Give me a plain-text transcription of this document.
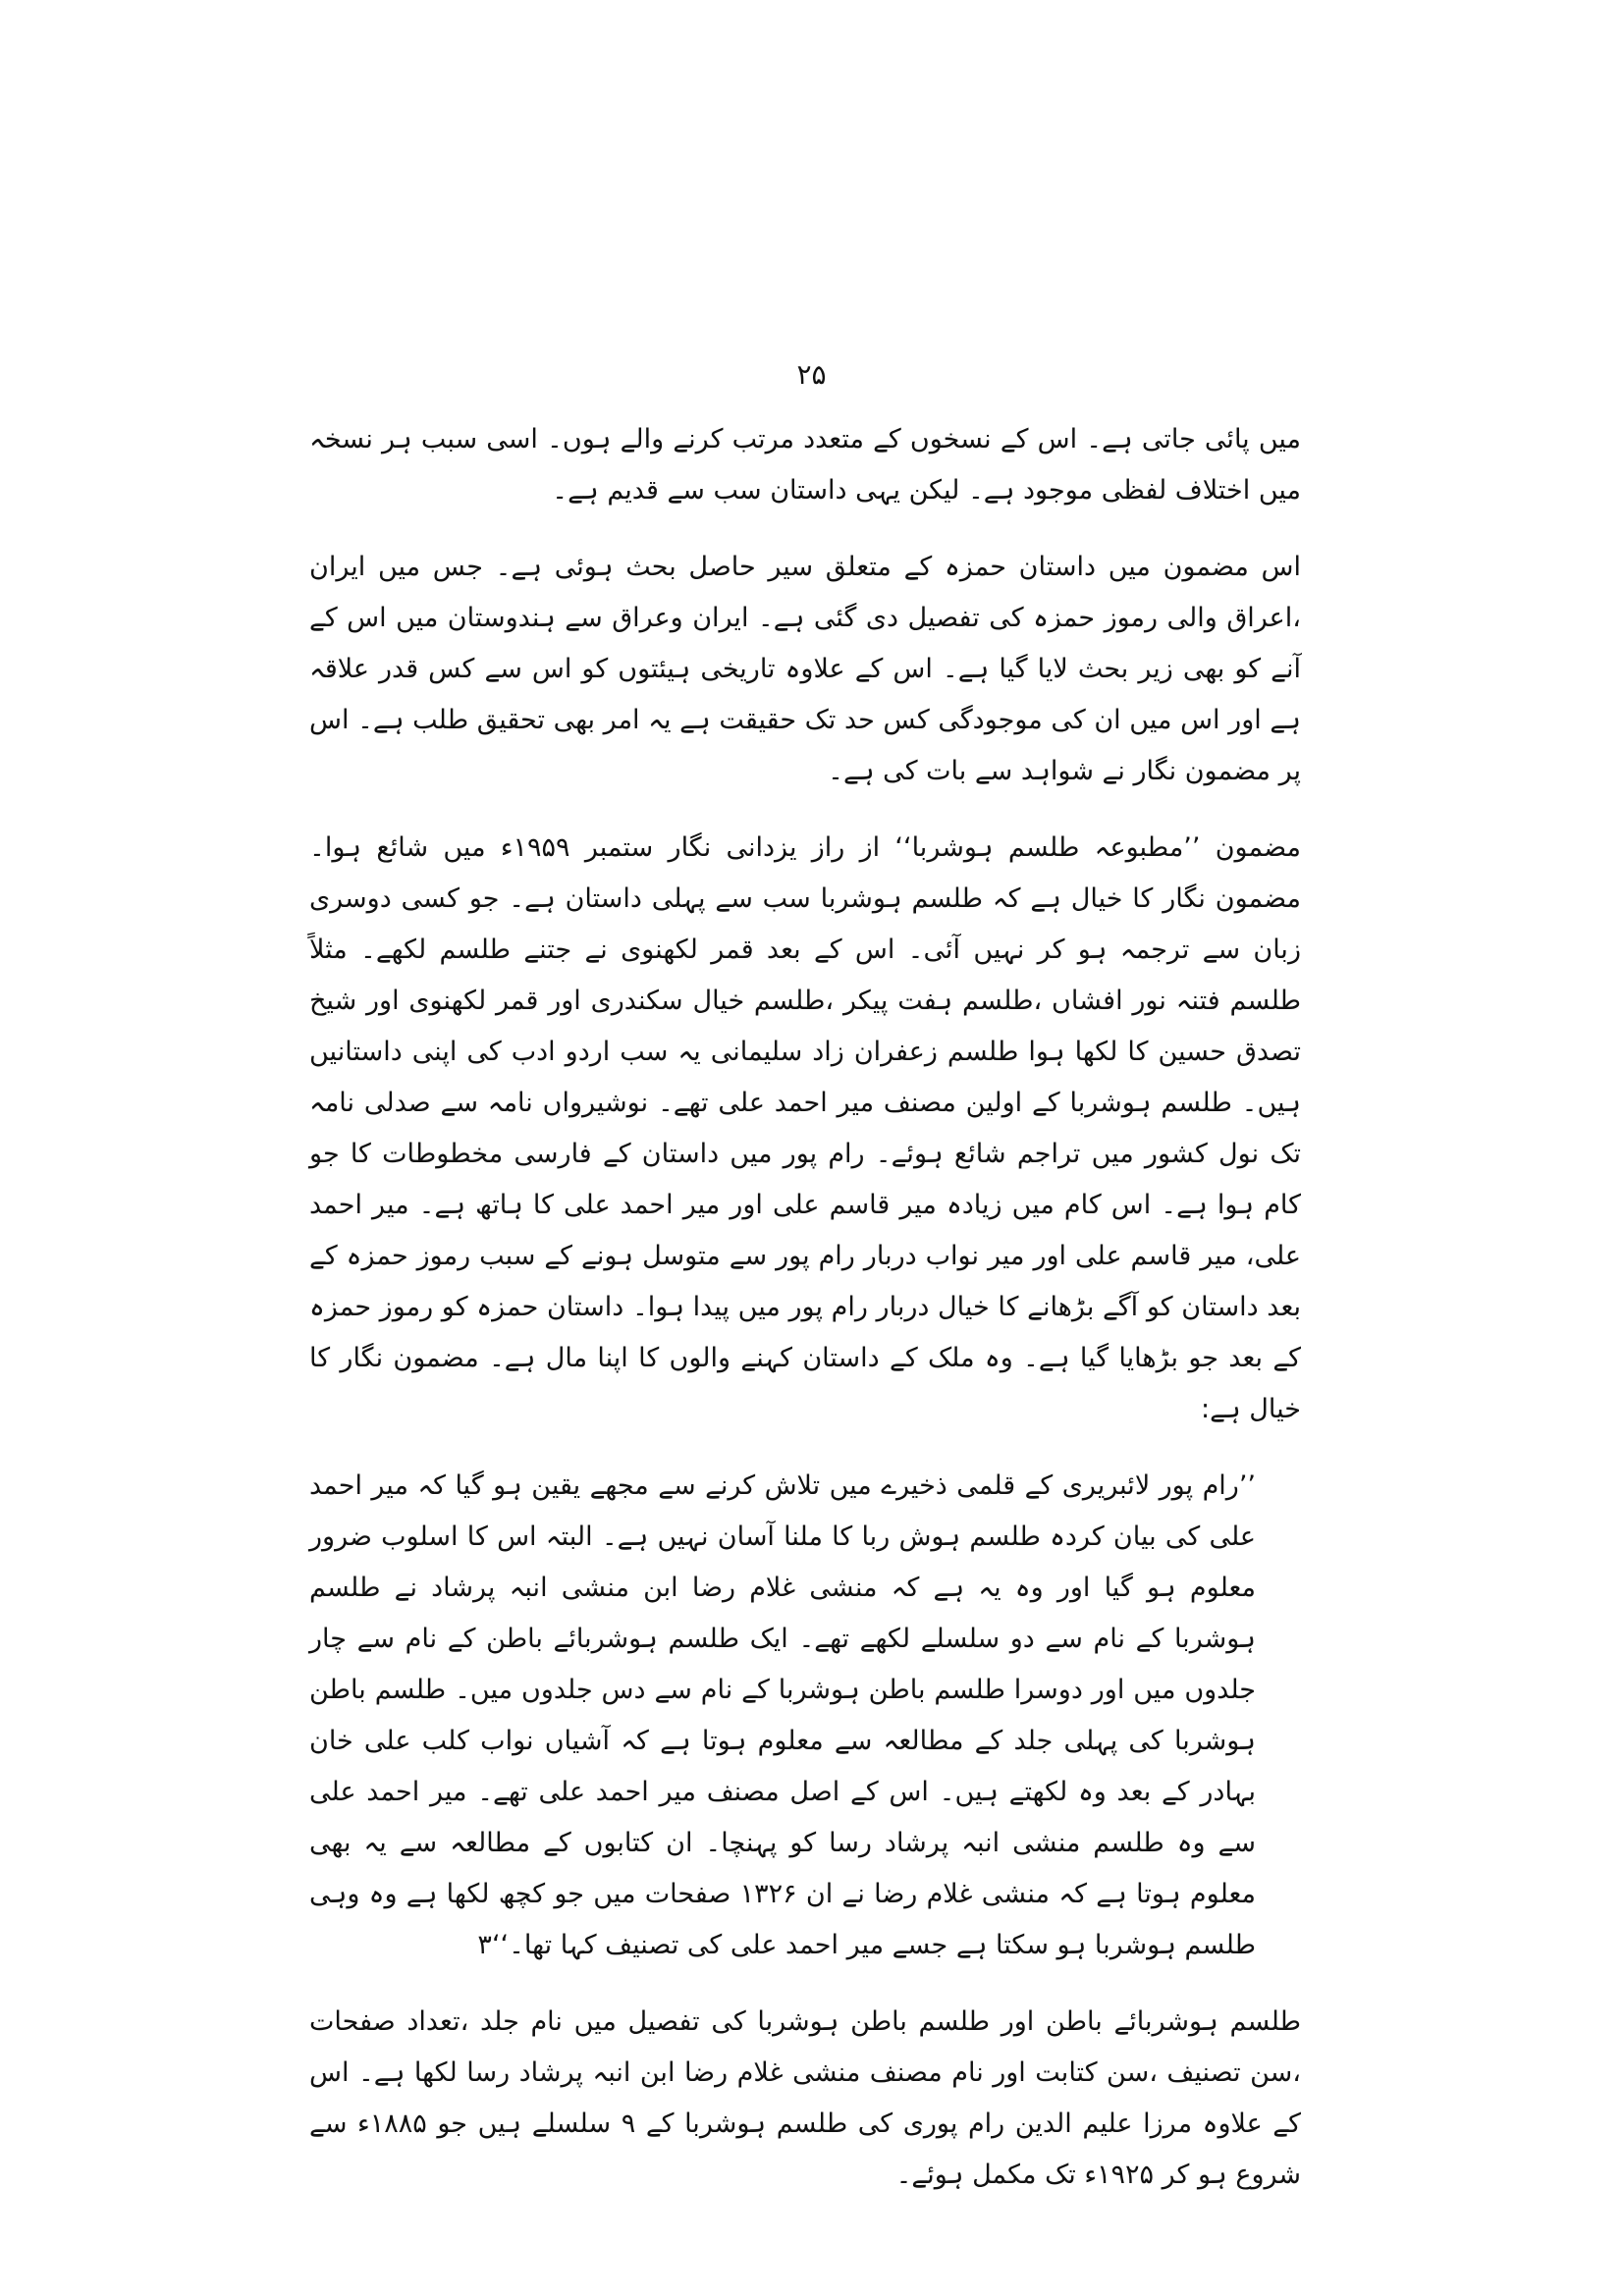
۲۵

میں پائی جاتی ہے۔ اس کے نسخوں کے متعدد مرتب کرنے والے ہوں۔ اسی سبب ہر نسخہ میں اختلاف لفظی موجود ہے۔ لیکن یہی داستان سب سے قدیم ہے۔

اس مضمون میں داستان حمزہ کے متعلق سیر حاصل بحث ہوئی ہے۔ جس میں ایران ،اعراق والی رموز حمزہ کی تفصیل دی گئی ہے۔ ایران وعراق سے ہندوستان میں اس کے آنے کو بھی زیر بحث لایا گیا ہے۔ اس کے علاوہ تاریخی ہیئتوں کو اس سے کس قدر علاقہ ہے اور اس میں ان کی موجودگی کس حد تک حقیقت ہے یہ امر بھی تحقیق طلب ہے۔ اس پر مضمون نگار نے شواہد سے بات کی ہے۔

مضمون ’’مطبوعہ طلسم ہوشربا‘‘ از راز یزدانی نگار ستمبر ۱۹۵۹ء میں شائع ہوا۔ مضمون نگار کا خیال ہے کہ طلسم ہوشربا سب سے پہلی داستان ہے۔ جو کسی دوسری زبان سے ترجمہ ہو کر نہیں آئی۔ اس کے بعد قمر لکھنوی نے جتنے طلسم لکھے۔ مثلاً طلسم فتنہ نور افشاں ،طلسم ہفت پیکر ،طلسم خیال سکندری اور قمر لکھنوی اور شیخ تصدق حسین کا لکھا ہوا طلسم زعفران زاد سلیمانی یہ سب اردو ادب کی اپنی داستانیں ہیں۔ طلسم ہوشربا کے اولین مصنف میر احمد علی تھے۔ نوشیرواں نامہ سے صدلی نامہ تک نول کشور میں تراجم شائع ہوئے۔ رام پور میں داستان کے فارسی مخطوطات کا جو کام ہوا ہے۔ اس کام میں زیادہ میر قاسم علی اور میر احمد علی کا ہاتھ ہے۔ میر احمد علی، میر قاسم علی اور میر نواب دربار رام پور سے متوسل ہونے کے سبب رموز حمزہ کے بعد داستان کو آگے بڑھانے کا خیال دربار رام پور میں پیدا ہوا۔ داستان حمزہ کو رموز حمزہ کے بعد جو بڑھایا گیا ہے۔ وہ ملک کے داستان کہنے والوں کا اپنا مال ہے۔ مضمون نگار کا خیال ہے:

’’رام پور لائبریری کے قلمی ذخیرے میں تلاش کرنے سے مجھے یقین ہو گیا کہ میر احمد علی کی بیان کردہ طلسم ہوش ربا کا ملنا آسان نہیں ہے۔ البتہ اس کا اسلوب ضرور معلوم ہو گیا اور وہ یہ ہے کہ منشی غلام رضا ابن منشی انبہ پرشاد نے طلسم ہوشربا کے نام سے دو سلسلے لکھے تھے۔ ایک طلسم ہوشربائے باطن کے نام سے چار جلدوں میں اور دوسرا طلسم باطن ہوشربا کے نام سے دس جلدوں میں۔ طلسم باطن ہوشربا کی پہلی جلد کے مطالعہ سے معلوم ہوتا ہے کہ آشیاں نواب کلب علی خان بہادر کے بعد وہ لکھتے ہیں۔ اس کے اصل مصنف میر احمد علی تھے۔ میر احمد علی سے وہ طلسم منشی انبہ پرشاد رسا کو پہنچا۔ ان کتابوں کے مطالعہ سے یہ بھی معلوم ہوتا ہے کہ منشی غلام رضا نے ان ۱۳۲۶ صفحات میں جو کچھ لکھا ہے وہ وہی طلسم ہوشربا ہو سکتا ہے جسے میر احمد علی کی تصنیف کہا تھا۔‘‘۳

طلسم ہوشربائے باطن اور طلسم باطن ہوشربا کی تفصیل میں نام جلد ،تعداد صفحات ،سن تصنیف ،سن کتابت اور نام مصنف منشی غلام رضا ابن انبہ پرشاد رسا لکھا ہے۔ اس کے علاوہ مرزا علیم الدین رام پوری کی طلسم ہوشربا کے ۹ سلسلے ہیں جو ۱۸۸۵ء سے شروع ہو کر ۱۹۲۵ء تک مکمل ہوئے۔
